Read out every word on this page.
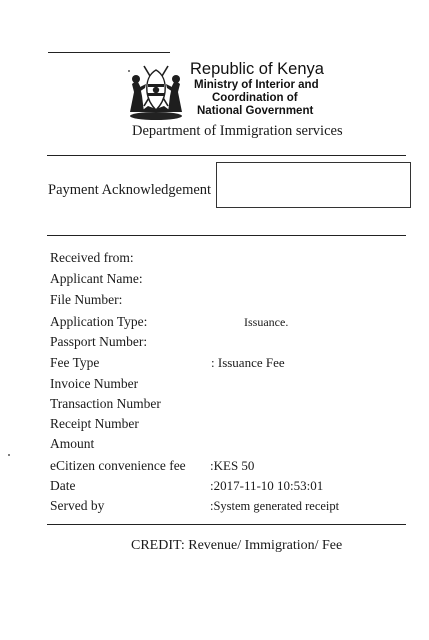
Republic of Kenya
Ministry of Interior and
Coordination of
National Government
Department of Immigration services
Payment Acknowledgement
Received from:
Applicant Name:
File Number:
Application Type:
Passport Number:
Fee Type
Invoice Number
Transaction Number
Receipt Number
Amount
eCitizen convenience fee
Date
Served by
Issuance.
: Issuance Fee
:KES 50
:2017-11-10 10:53:01
:System generated receipt
CREDIT: Revenue/ Immigration/ Fee
